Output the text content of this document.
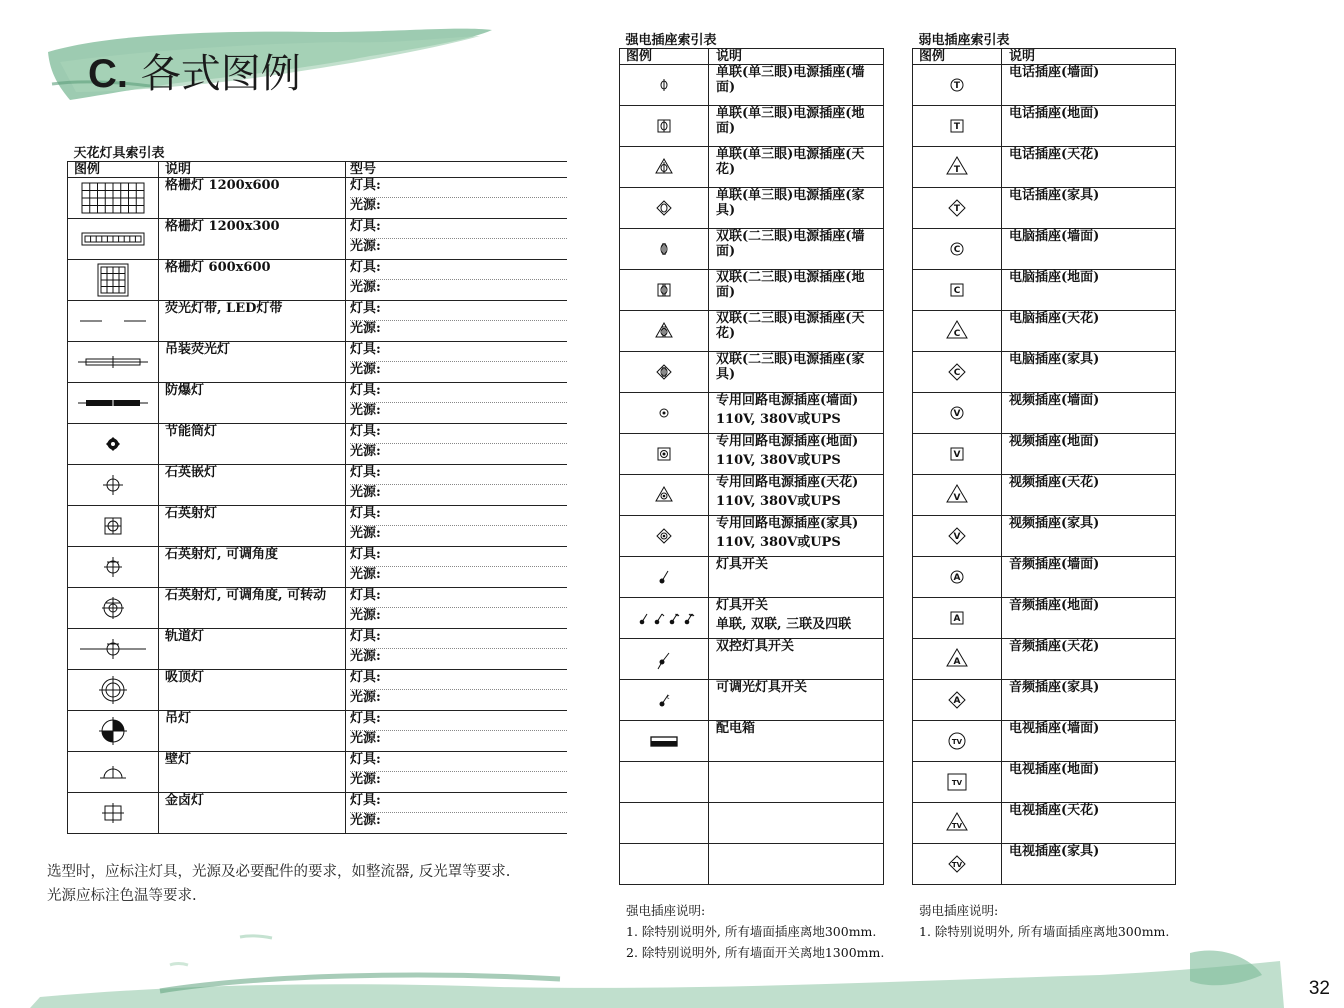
C. 各式图例
天花灯具索引表		
图例	说明	型号
	格栅灯 1200x600	灯具:
光源:

	格栅灯 1200x300	灯具:
光源:

	格栅灯 600x600	灯具:
光源:

	荧光灯带, LED灯带	灯具:
光源:

	吊装荧光灯	灯具:
光源:

	防爆灯	灯具:
光源:

	节能筒灯	灯具:
光源:

	石英嵌灯	灯具:
光源:

	石英射灯	灯具:
光源:

	石英射灯, 可调角度	灯具:
光源:

	石英射灯, 可调角度, 可转动	灯具:
光源:

	轨道灯	灯具:
光源:

	吸顶灯	灯具:
光源:

	吊灯	灯具:
光源:

	壁灯	灯具:
光源:

	金卤灯	灯具:
光源:
选型时，应标注灯具，光源及必要配件的要求，如整流器, 反光罩等要求.
光源应标注色温等要求.
强电插座索引表	
图例	说明

单联(单三眼)电源插座(墙面)

单联(单三眼)电源插座(地面)

单联(单三眼)电源插座(天花)

单联(单三眼)电源插座(家具)

双联(二三眼)电源插座(墙面)

双联(二三眼)电源插座(地面)

双联(二三眼)电源插座(天花)

双联(二三眼)电源插座(家具)

专用回路电源插座(墙面)
110V, 380V或UPS

专用回路电源插座(地面)
110V, 380V或UPS

专用回路电源插座(天花)
110V, 380V或UPS

专用回路电源插座(家具)
110V, 380V或UPS

灯具开关

灯具开关
单联, 双联, 三联及四联

双控灯具开关

t	可调光灯具开关

配电箱

强电插座说明:
1. 除特别说明外, 所有墙面插座离地300mm.
2. 除特别说明外, 所有墙面开关离地1300mm.
弱电插座索引表	
图例	说明

T	电话插座(墙面)

T	电话插座(地面)

T	电话插座(天花)

T	电话插座(家具)

C	电脑插座(墙面)

C	电脑插座(地面)

C	电脑插座(天花)

C	电脑插座(家具)

V	视频插座(墙面)

V	视频插座(地面)

V	视频插座(天花)

V	视频插座(家具)

A	音频插座(墙面)

A	音频插座(地面)

A	音频插座(天花)

A	音频插座(家具)

TV	电视插座(墙面)

TV	电视插座(地面)

TV	电视插座(天花)

TV	电视插座(家具)
弱电插座说明:
1. 除特别说明外, 所有墙面插座离地300mm.
32
